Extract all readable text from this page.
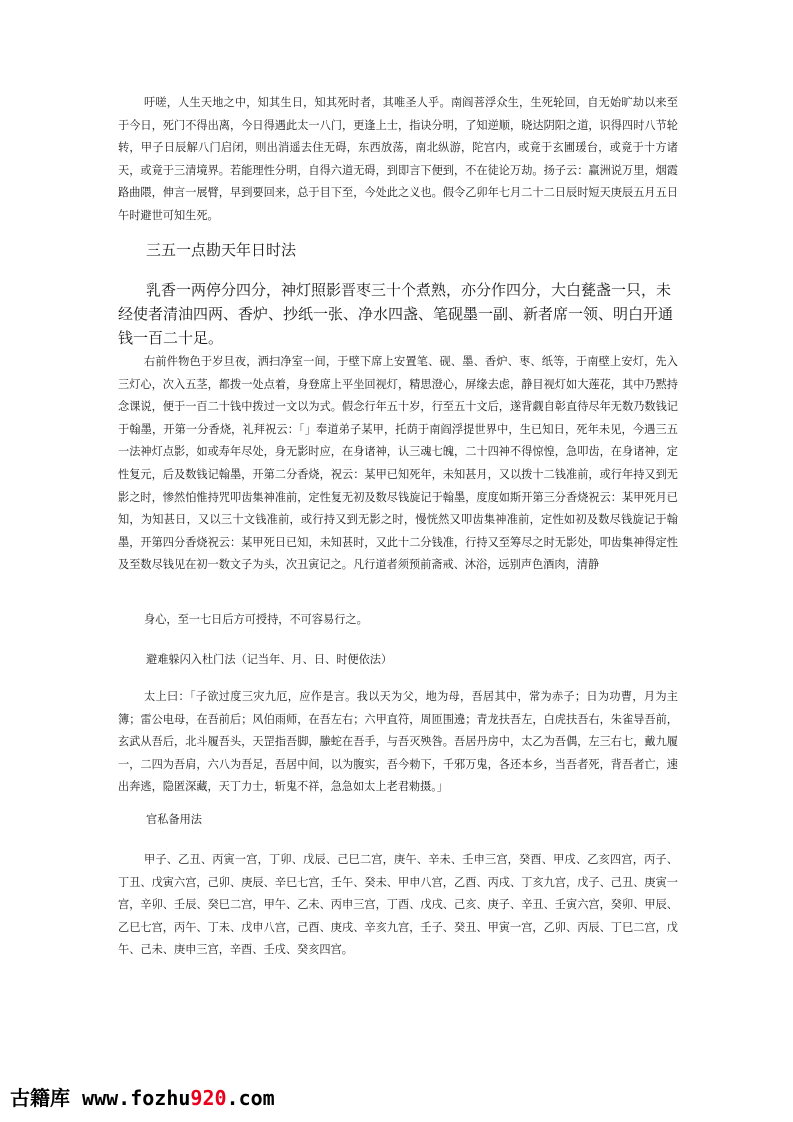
吁嗟，人生天地之中，知其生日，知其死时者，其唯圣人乎。南阎菩浮众生，生死轮回，自无始旷劫以来至于今日，死门不得出离，今日得遇此太一八门，更逢上士，指诀分明，了知逆顺，晓达阴阳之道，识得四时八节轮转，甲子日辰解八门启闭，则出消遥去住无碍，东西放荡，南北纵游，陀宫内，或竟于玄圃瑗台，或竟于十方诸天，或竟于三清境界。若能理性分明，自得六道无碍，到即言下便到，不在徒论万劫。扬子云：赢洲说万里，烟霞路曲隈，伸言一展臂，早到要回来，总于目下至，今处此之义也。假令乙卯年七月二十二日辰时短天庚辰五月五日午时避世可知生死。

三五一点勘天年日时法

乳香一两停分四分，神灯照影晋枣三十个煮熟，亦分作四分，大白甆盏一只，未经使者清油四两、香炉、抄纸一张、净水四盏、笔砚墨一副、新者席一领、明白开通钱一百二十足。

右前件物色于岁旦夜，洒扫净室一间，于壁下席上安置笔、砚、墨、香炉、枣、纸等，于南壁上安灯，先入三灯心，次入五茎，都拨一处点着，身登席上平坐回视灯，精思澄心，屏缘去虑，静目视灯如大莲花，其中乃黙持念课说，便于一百二十钱中拨过一文以为式。假念行年五十岁，行至五十文后，遂背觑自彰直待尽年无数乃数钱记于翰墨，开第一分香烧，礼拜祝云：「」奉道弟子某甲，托荫于南阎浮提世界中，生已知日，死年未见，今遇三五一法神灯点影，如或寿年尽处，身无影时应，在身诸神，认三魂七魄，二十四神不得惊惶，急叩齿，在身诸神，定性复元，后及数钱记翰墨，开第二分香烧，祝云：某甲已知死年，未知甚月，又以拨十二钱准前，或行年持又到无影之时，惨然怕惟持咒叩齿集神准前，定性复无初及数尽钱旋记于翰墨，度度如斯开第三分香烧祝云：某甲死月已知，为知甚日，又以三十文钱准前，或行持又到无影之时，慢恍然又叩齿集神准前，定性如初及数尽钱旋记于翰墨，开第四分香烧祝云：某甲死日已知，未知甚时，又此十二分钱准，行持又至筹尽之时无影处，叩齿集神得定性及至数尽钱见在初一数文子为头，次丑寅记之。凡行道者须预前斋戒、沐浴，远别声色酒肉，清静

身心，至一七日后方可授持，不可容易行之。

避难躲闪入杜门法（记当年、月、日、时便依法）

太上曰：「子欲过度三灾九厄，应作是言。我以天为父，地为母，吾居其中，常为赤子；日为功曹，月为主簿；雷公电母，在吾前后；风伯雨师，在吾左右；六甲直符，周匝围遶；青龙扶吾左，白虎扶吾右，朱雀导吾前，玄武从吾后，北斗履吾头，天罡指吾脚，螣蛇在吾手，与吾灭殃咎。吾居丹房中，太乙为吾偶，左三右七，戴九履一，二四为吾肩，六八为吾足，吾居中间，以为腹实，吾今勑下，千邪万鬼，各还本乡，当吾者死，背吾者亡，速出奔逃，隐匿深藏，天丁力士，斩鬼不祥，急急如太上老君勑摄。」

官私备用法

甲子、乙丑、丙寅一宫，丁卯、戊辰、己巳二宫，庚午、辛未、壬申三宫，癸酉、甲戌、乙亥四宫，丙子、丁丑、戊寅六宫，己卯、庚辰、辛巳七宫，壬午、癸未、甲申八宫，乙酉、丙戌、丁亥九宫，戊子、己丑、庚寅一宫，辛卯、壬辰、癸巳二宫，甲午、乙未、丙申三宫，丁酉、戊戌、己亥、庚子、辛丑、壬寅六宫，癸卯、甲辰、乙巳七宫，丙午、丁未、戊申八宫，己酉、庚戌、辛亥九宫，壬子、癸丑、甲寅一宫，乙卯、丙辰、丁巳二宫，戊午、己未、庚申三宫，辛酉、壬戌、癸亥四宫。

古籍库 www.fozhu920.com
